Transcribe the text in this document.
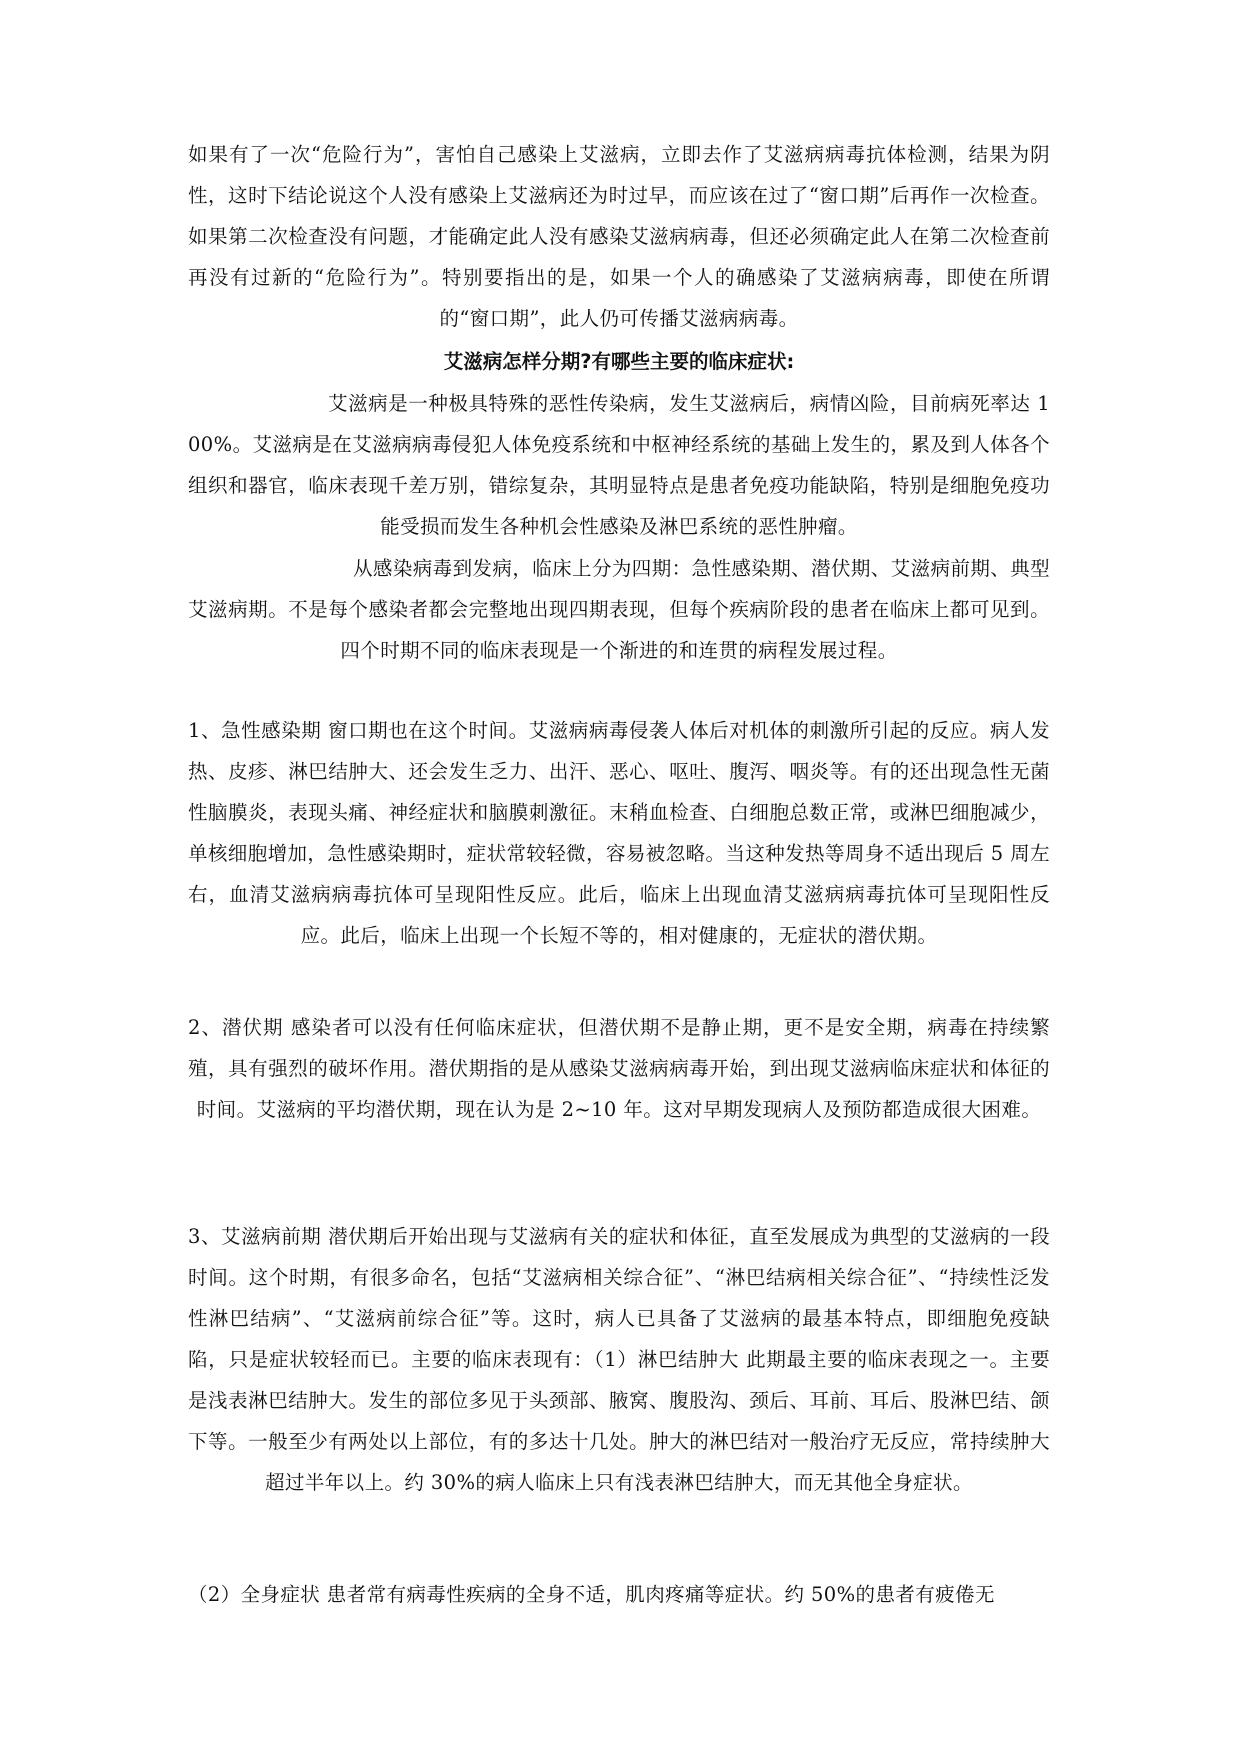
如果有了一次“危险行为”，害怕自己感染上艾滋病，立即去作了艾滋病病毒抗体检测，结果为阴性，这时下结论说这个人没有感染上艾滋病还为时过早，而应该在过了“窗口期”后再作一次检查。如果第二次检查没有问题，才能确定此人没有感染艾滋病病毒，但还必须确定此人在第二次检查前再没有过新的“危险行为”。特别要指出的是，如果一个人的确感染了艾滋病病毒，即使在所谓的“窗口期”，此人仍可传播艾滋病病毒。

艾滋病怎样分期?有哪些主要的临床症状:

艾滋病是一种极具特殊的恶性传染病，发生艾滋病后，病情凶险，目前病死率达 100%。艾滋病是在艾滋病病毒侵犯人体免疫系统和中枢神经系统的基础上发生的，累及到人体各个组织和器官，临床表现千差万别，错综复杂，其明显特点是患者免疫功能缺陷，特别是细胞免疫功能受损而发生各种机会性感染及淋巴系统的恶性肿瘤。

从感染病毒到发病，临床上分为四期：急性感染期、潜伏期、艾滋病前期、典型艾滋病期。不是每个感染者都会完整地出现四期表现，但每个疾病阶段的患者在临床上都可见到。四个时期不同的临床表现是一个渐进的和连贯的病程发展过程。

1、急性感染期 窗口期也在这个时间。艾滋病病毒侵袭人体后对机体的刺激所引起的反应。病人发热、皮疹、淋巴结肿大、还会发生乏力、出汗、恶心、呕吐、腹泻、咽炎等。有的还出现急性无菌性脑膜炎，表现头痛、神经症状和脑膜刺激征。末稍血检查、白细胞总数正常，或淋巴细胞减少，单核细胞增加，急性感染期时，症状常较轻微，容易被忽略。当这种发热等周身不适出现后 5 周左右，血清艾滋病病毒抗体可呈现阳性反应。此后，临床上出现血清艾滋病病毒抗体可呈现阳性反应。此后，临床上出现一个长短不等的，相对健康的，无症状的潜伏期。

2、潜伏期 感染者可以没有任何临床症状，但潜伏期不是静止期，更不是安全期，病毒在持续繁殖，具有强烈的破坏作用。潜伏期指的是从感染艾滋病病毒开始，到出现艾滋病临床症状和体征的时间。艾滋病的平均潜伏期，现在认为是 2~10 年。这对早期发现病人及预防都造成很大困难。

3、艾滋病前期 潜伏期后开始出现与艾滋病有关的症状和体征，直至发展成为典型的艾滋病的一段时间。这个时期，有很多命名，包括“艾滋病相关综合征”、“淋巴结病相关综合征”、“持续性泛发性淋巴结病”、“艾滋病前综合征”等。这时，病人已具备了艾滋病的最基本特点，即细胞免疫缺陷，只是症状较轻而已。主要的临床表现有：（1）淋巴结肿大 此期最主要的临床表现之一。主要是浅表淋巴结肿大。发生的部位多见于头颈部、腋窝、腹股沟、颈后、耳前、耳后、股淋巴结、颌下等。一般至少有两处以上部位，有的多达十几处。肿大的淋巴结对一般治疗无反应，常持续肿大超过半年以上。约 30%的病人临床上只有浅表淋巴结肿大，而无其他全身症状。

（2）全身症状 患者常有病毒性疾病的全身不适，肌肉疼痛等症状。约 50%的患者有疲倦无
